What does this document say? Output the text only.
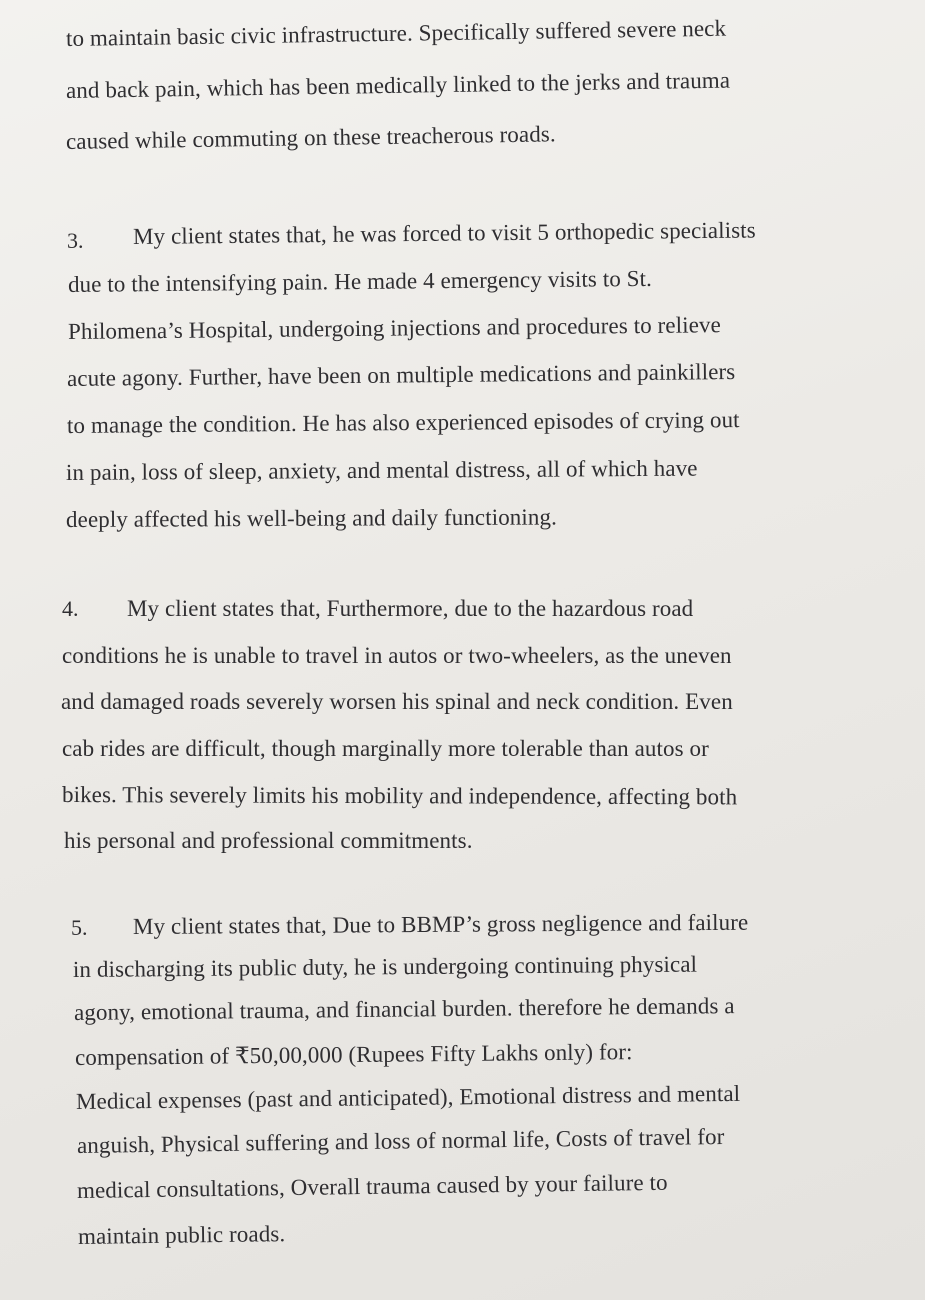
to maintain basic civic infrastructure. Specifically suffered severe neck
and back pain, which has been medically linked to the jerks and trauma
caused while commuting on these treacherous roads.
3. My client states that, he was forced to visit 5 orthopedic specialists
due to the intensifying pain. He made 4 emergency visits to St.
Philomena’s Hospital, undergoing injections and procedures to relieve
acute agony. Further, have been on multiple medications and painkillers
to manage the condition. He has also experienced episodes of crying out
in pain, loss of sleep, anxiety, and mental distress, all of which have
deeply affected his well-being and daily functioning.
4. My client states that, Furthermore, due to the hazardous road
conditions he is unable to travel in autos or two-wheelers, as the uneven
and damaged roads severely worsen his spinal and neck condition. Even
cab rides are difficult, though marginally more tolerable than autos or
bikes. This severely limits his mobility and independence, affecting both
his personal and professional commitments.
5. My client states that, Due to BBMP’s gross negligence and failure
in discharging its public duty, he is undergoing continuing physical
agony, emotional trauma, and financial burden. therefore he demands a
compensation of ₹50,00,000 (Rupees Fifty Lakhs only) for:
Medical expenses (past and anticipated), Emotional distress and mental
anguish, Physical suffering and loss of normal life, Costs of travel for
medical consultations, Overall trauma caused by your failure to
maintain public roads.
